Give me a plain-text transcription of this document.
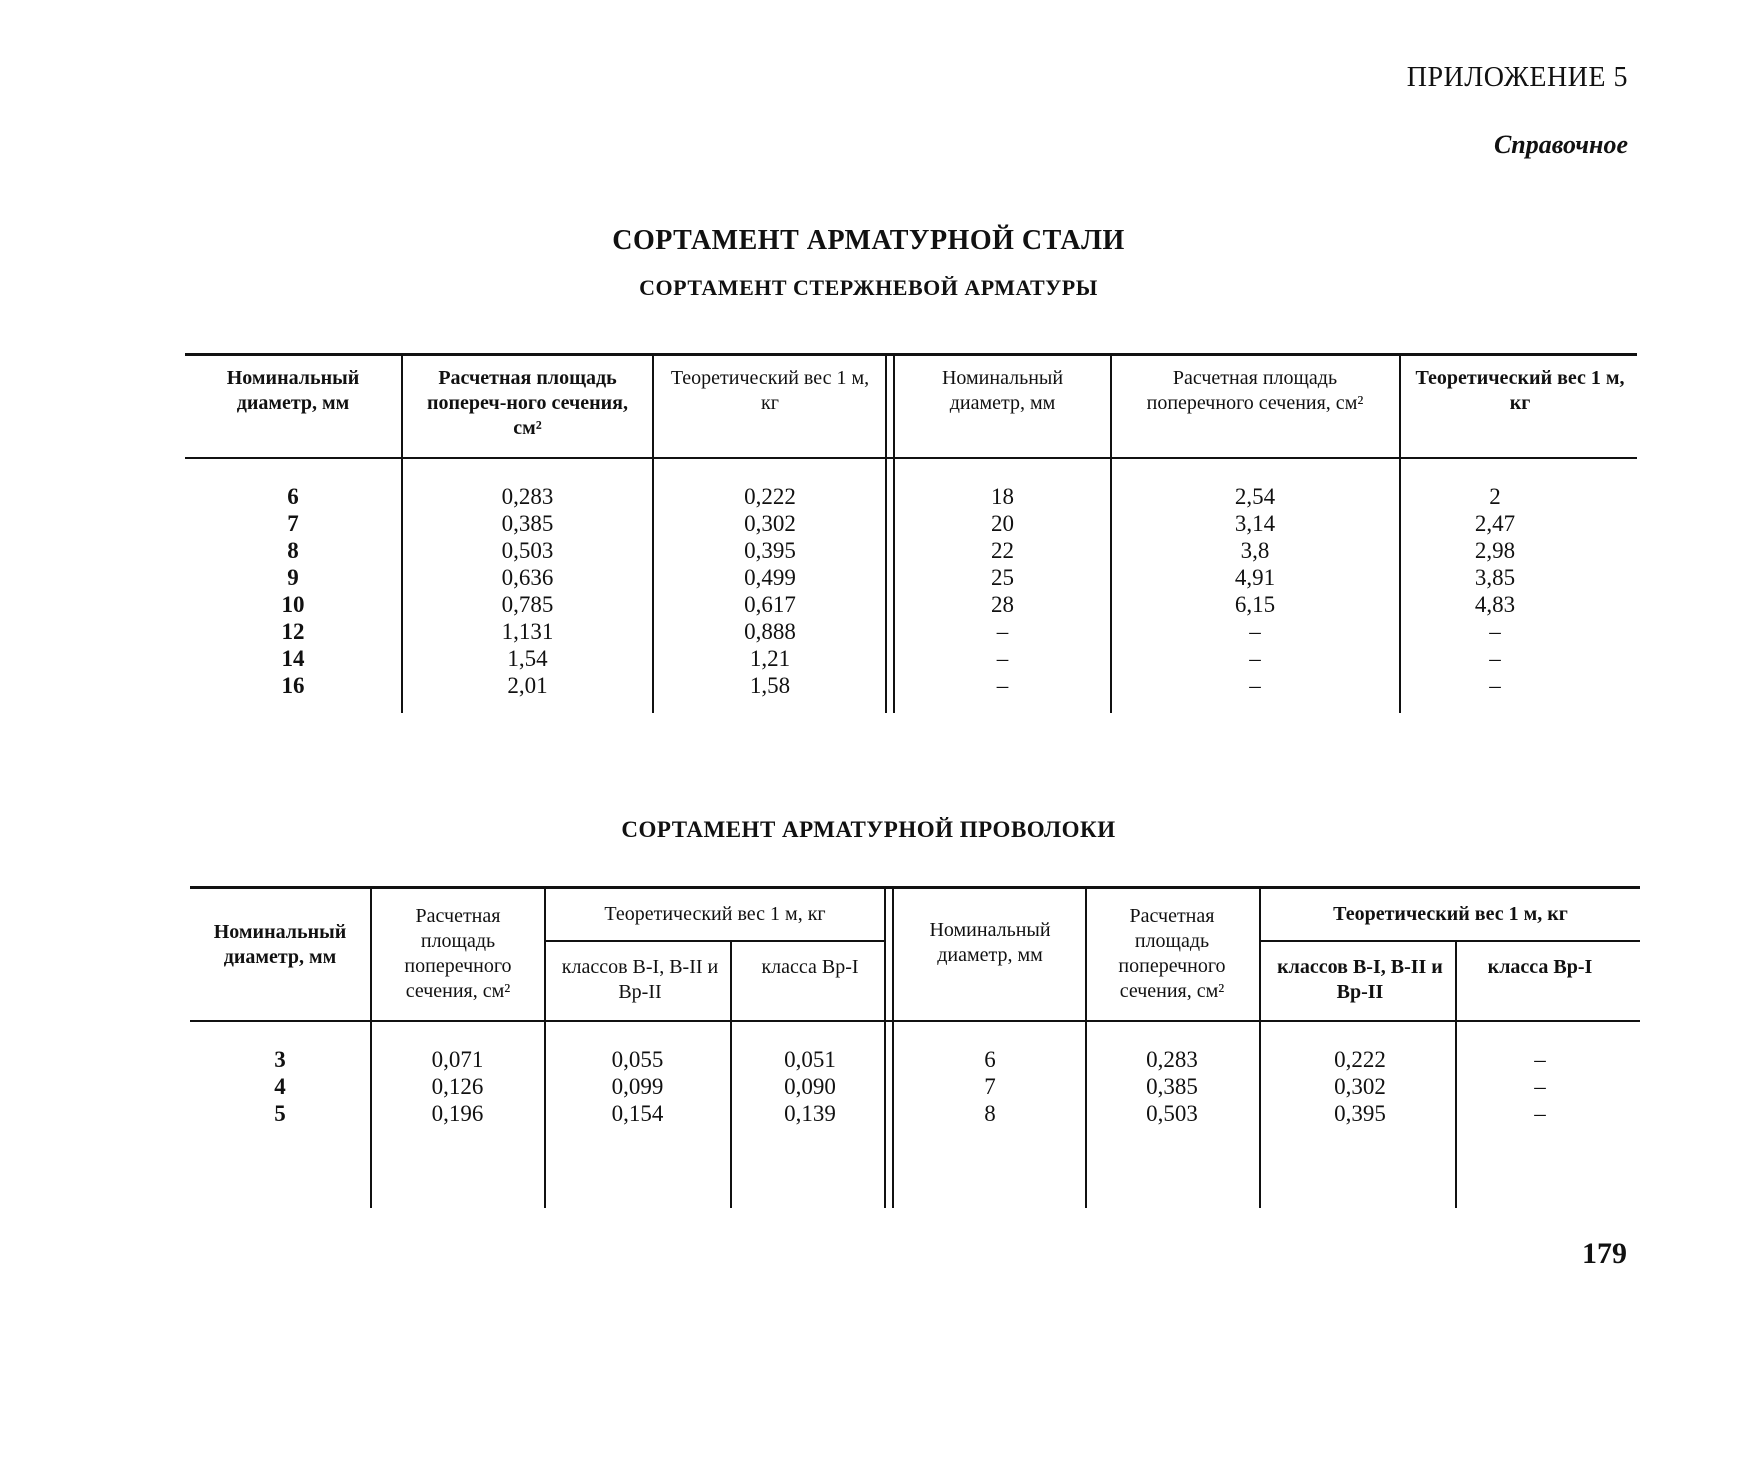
ПРИЛОЖЕНИЕ 5
Справочное
СОРТАМЕНТ АРМАТУРНОЙ СТАЛИ
СОРТАМЕНТ СТЕРЖНЕВОЙ АРМАТУРЫ
Номинальный диаметр, мм
Расчетная площадь попереч-ного сечения, см²
Теоретический вес 1 м, кг
Номинальный диаметр, мм
Расчетная площадь поперечного сечения, см²
Теоретический вес 1 м, кг
6
7
8
9
10
12
14
16
0,283
0,385
0,503
0,636
0,785
1,131
1,54
2,01
0,222
0,302
0,395
0,499
0,617
0,888
1,21
1,58
18
20
22
25
28
–
–
–
2,54
3,14
3,8
4,91
6,15
–
–
–
2
2,47
2,98
3,85
4,83
–
–
–
СОРТАМЕНТ АРМАТУРНОЙ ПРОВОЛОКИ
Номинальный диаметр, мм
Расчетная площадь поперечного сечения, см²
Теоретический вес 1 м, кг
классов В-I, В-II и Вр-II
класса Вр-I
Номинальный диаметр, мм
Расчетная площадь поперечного сечения, см²
Теоретический вес 1 м, кг
классов В-I, В-II и Вр-II
класса Вр-I
3
4
5
0,071
0,126
0,196
0,055
0,099
0,154
0,051
0,090
0,139
6
7
8
0,283
0,385
0,503
0,222
0,302
0,395
–
–
–
179
